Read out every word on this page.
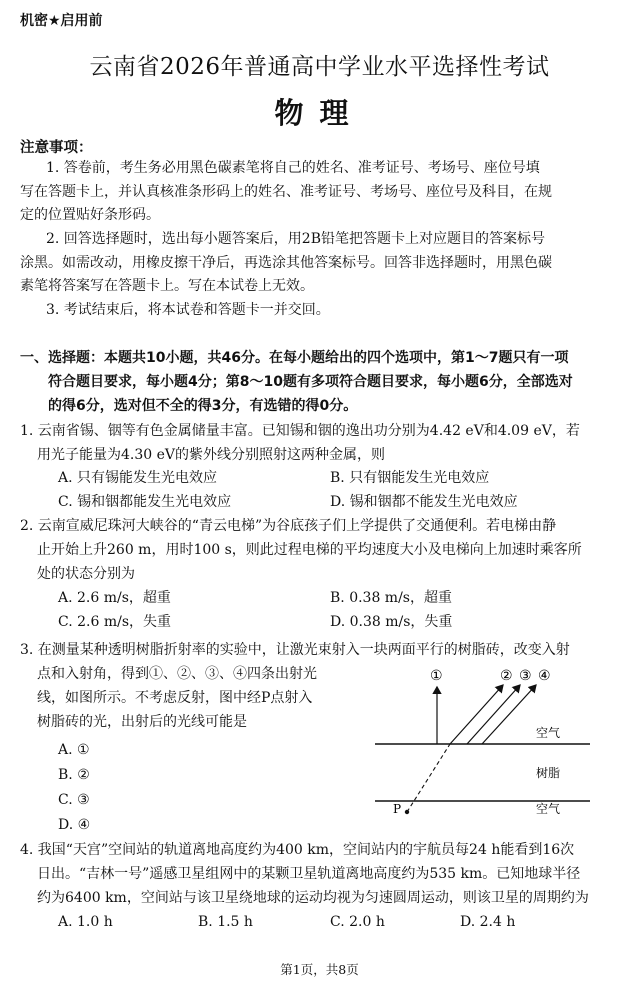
机密★启用前
云南省2026年普通高中学业水平选择性考试
物理
注意事项：
1. 答卷前，考生务必用黑色碳素笔将自己的姓名、准考证号、考场号、座位号填
写在答题卡上，并认真核准条形码上的姓名、准考证号、考场号、座位号及科目，在规
定的位置贴好条形码。
2. 回答选择题时，选出每小题答案后，用2B铅笔把答题卡上对应题目的答案标号
涂黑。如需改动，用橡皮擦干净后，再选涂其他答案标号。回答非选择题时，用黑色碳
素笔将答案写在答题卡上。写在本试卷上无效。
3. 考试结束后，将本试卷和答题卡一并交回。
一、选择题：本题共10小题，共46分。在每小题给出的四个选项中，第1～7题只有一项
符合题目要求，每小题4分；第8～10题有多项符合题目要求，每小题6分，全部选对
的得6分，选对但不全的得3分，有选错的得0分。
1. 云南省锡、铟等有色金属储量丰富。已知锡和铟的逸出功分别为4.42 eV和4.09 eV，若
用光子能量为4.30 eV的紫外线分别照射这两种金属，则
A. 只有锡能发生光电效应	B. 只有铟能发生光电效应
C. 锡和铟都能发生光电效应	D. 锡和铟都不能发生光电效应
2. 云南宣威尼珠河大峡谷的“青云电梯”为谷底孩子们上学提供了交通便利。若电梯由静
止开始上升260 m，用时100 s，则此过程电梯的平均速度大小及电梯向上加速时乘客所
处的状态分别为
A. 2.6 m/s，超重	B. 0.38 m/s，超重
C. 2.6 m/s，失重	D. 0.38 m/s，失重
3. 在测量某种透明树脂折射率的实验中，让激光束射入一块两面平行的树脂砖，改变入射
点和入射角，得到①、②、③、④四条出射光
线，如图所示。不考虑反射，图中经P点射入
树脂砖的光，出射后的光线可能是
A. ①
B. ②
C. ③
D. ④
P
①	② ③ ④
空气
树脂
空气
4. 我国“天宫”空间站的轨道离地高度约为400 km，空间站内的宇航员每24 h能看到16次
日出。“吉林一号”遥感卫星组网中的某颗卫星轨道离地高度约为535 km。已知地球半径
约为6400 km，空间站与该卫星绕地球的运动均视为匀速圆周运动，则该卫星的周期约为
A. 1.0 h	B. 1.5 h	C. 2.0 h	D. 2.4 h
第1页，共8页
